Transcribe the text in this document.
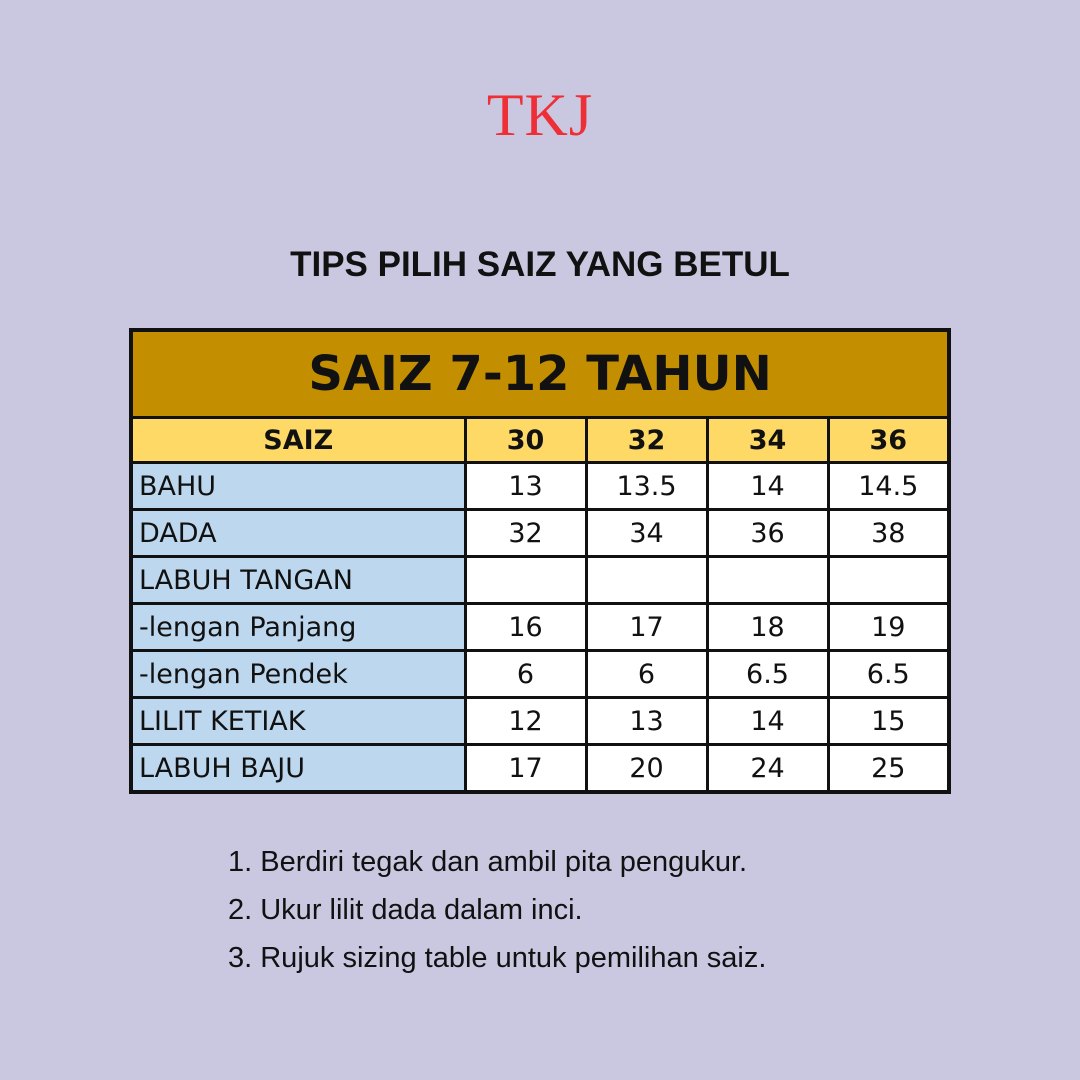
TKJ
TIPS PILIH SAIZ YANG BETUL
SAIZ 7-12 TAHUN				
SAIZ	30	32	34	36
BAHU	13	13.5	14	14.5
DADA	32	34	36	38
LABUH TANGAN				
-lengan Panjang	16	17	18	19
-lengan Pendek	6	6	6.5	6.5
LILIT KETIAK	12	13	14	15
LABUH BAJU	17	20	24	25
1. Berdiri tegak dan ambil pita pengukur.
2. Ukur lilit dada dalam inci.
3. Rujuk sizing table untuk pemilihan saiz.
